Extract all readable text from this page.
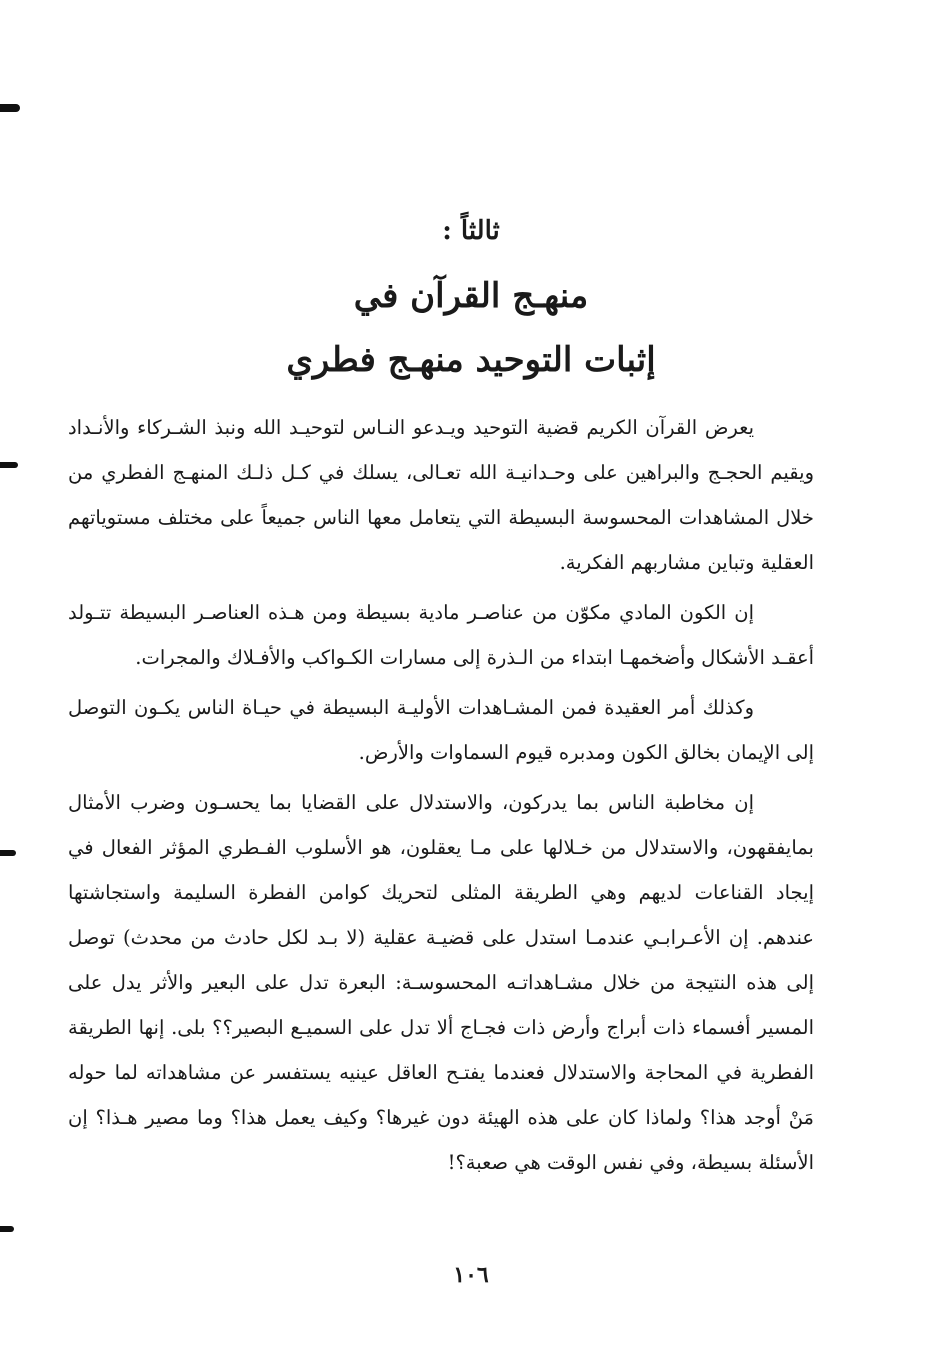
ثالثاً :
منهـج القرآن في
إثبات التوحيد منهـج فطري

يعرض القرآن الكريم قضية التوحيد ويـدعو النـاس لتوحيـد الله ونبذ الشـركاء والأنـداد ويقيم الحجـج والبراهين على وحـدانيـة الله تعـالى، يسلك في كـل ذلـك المنهـج الفطري من خلال المشاهدات المحسوسة البسيطة التي يتعامل معها الناس جميعاً على مختلف مستوياتهم العقلية وتباين مشاربهم الفكرية.

إن الكون المادي مكوّن من عناصـر مادية بسيطة ومن هـذه العناصـر البسيطة تتـولد أعقـد الأشكال وأضخمهـا ابتداء من الـذرة إلى مسارات الكـواكب والأفـلاك والمجرات.

وكذلك أمر العقيدة فمن المشـاهدات الأوليـة البسيطة في حيـاة الناس يكـون التوصل إلى الإيمان بخالق الكون ومدبره قيوم السماوات والأرض.

إن مخاطبة الناس بما يدركون، والاستدلال على القضايا بما يحسـون وضرب الأمثال بمايفقهون، والاستدلال من خـلالها على مـا يعقلون، هو الأسلوب الفـطري المؤثر الفعال في إيجاد القناعات لديهم وهي الطريقة المثلى لتحريك كوامن الفطرة السليمة واستجاشتها عندهم. إن الأعـرابـي عندمـا استدل على قضيـة عقلية (لا بـد لكل حادث من محدث) توصل إلى هذه النتيجة من خلال مشـاهداتـه المحسوسـة: البعرة تدل على البعير والأثر يدل على المسير أفسماء ذات أبراج وأرض ذات فجـاج ألا تدل على السميـع البصير؟؟ بلى. إنها الطريقة الفطرية في المحاجة والاستدلال فعندما يفتـح العاقل عينيه يستفسر عن مشاهداته لما حوله مَنْ أوجد هذا؟ ولماذا كان على هذه الهيئة دون غيرها؟ وكيف يعمل هذا؟ وما مصير هـذا؟ إن الأسئلة بسيطة، وفي نفس الوقت هي صعبة؟!

١٠٦
